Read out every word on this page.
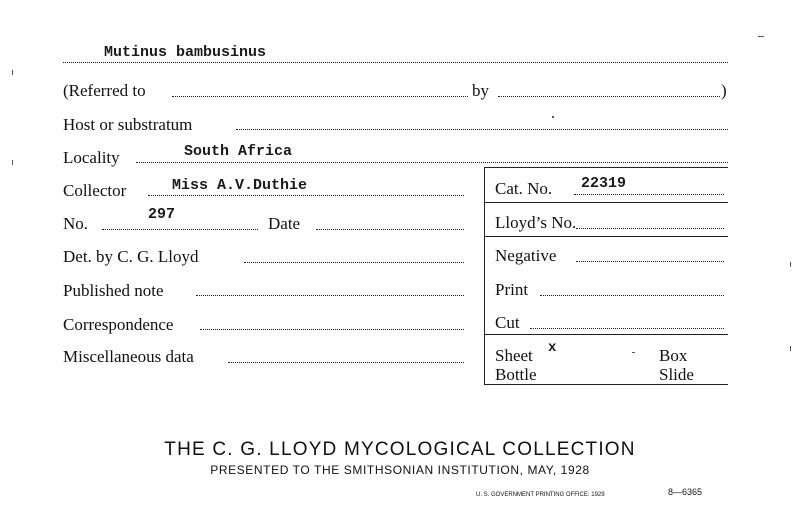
Mutinus bambusinus
(Referred to	by	)
Host or substratum
Locality	South Africa
Collector	Miss A.V.Duthie	Cat. No. 22319
No.	297	Date	Lloyd’s No.
Det. by C. G. Lloyd	Negative
Published note	Print
Correspondence	Cut
Miscellaneous data	Sheet x	Box
Bottle	Slide
THE C. G. LLOYD MYCOLOGICAL COLLECTION
PRESENTED TO THE SMITHSONIAN INSTITUTION, MAY, 1928
U. S. GOVERNMENT PRINTING OFFICE: 1929	8—6365
